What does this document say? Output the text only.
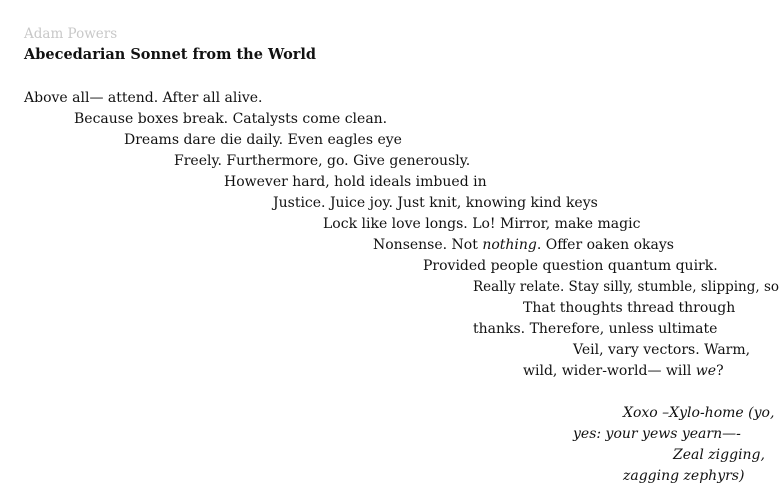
Adam Powers
Abecedarian Sonnet from the World
Above all— attend. After all alive.
Because boxes break. Catalysts come clean.
Dreams dare die daily. Even eagles eye
Freely. Furthermore, go. Give generously.
However hard, hold ideals imbued in
Justice. Juice joy. Just knit, knowing kind keys
Lock like love longs. Lo! Mirror, make magic
Nonsense. Not nothing. Offer oaken okays
Provided people question quantum quirk.
Really relate. Stay silly, stumble, slipping, so
That thoughts thread through
thanks. Therefore, unless ultimate
Veil, vary vectors. Warm,
wild, wider-world— will we?
Xoxo –Xylo-home (yo,
yes: your yews yearn—-
Zeal zigging,
zagging zephyrs)
